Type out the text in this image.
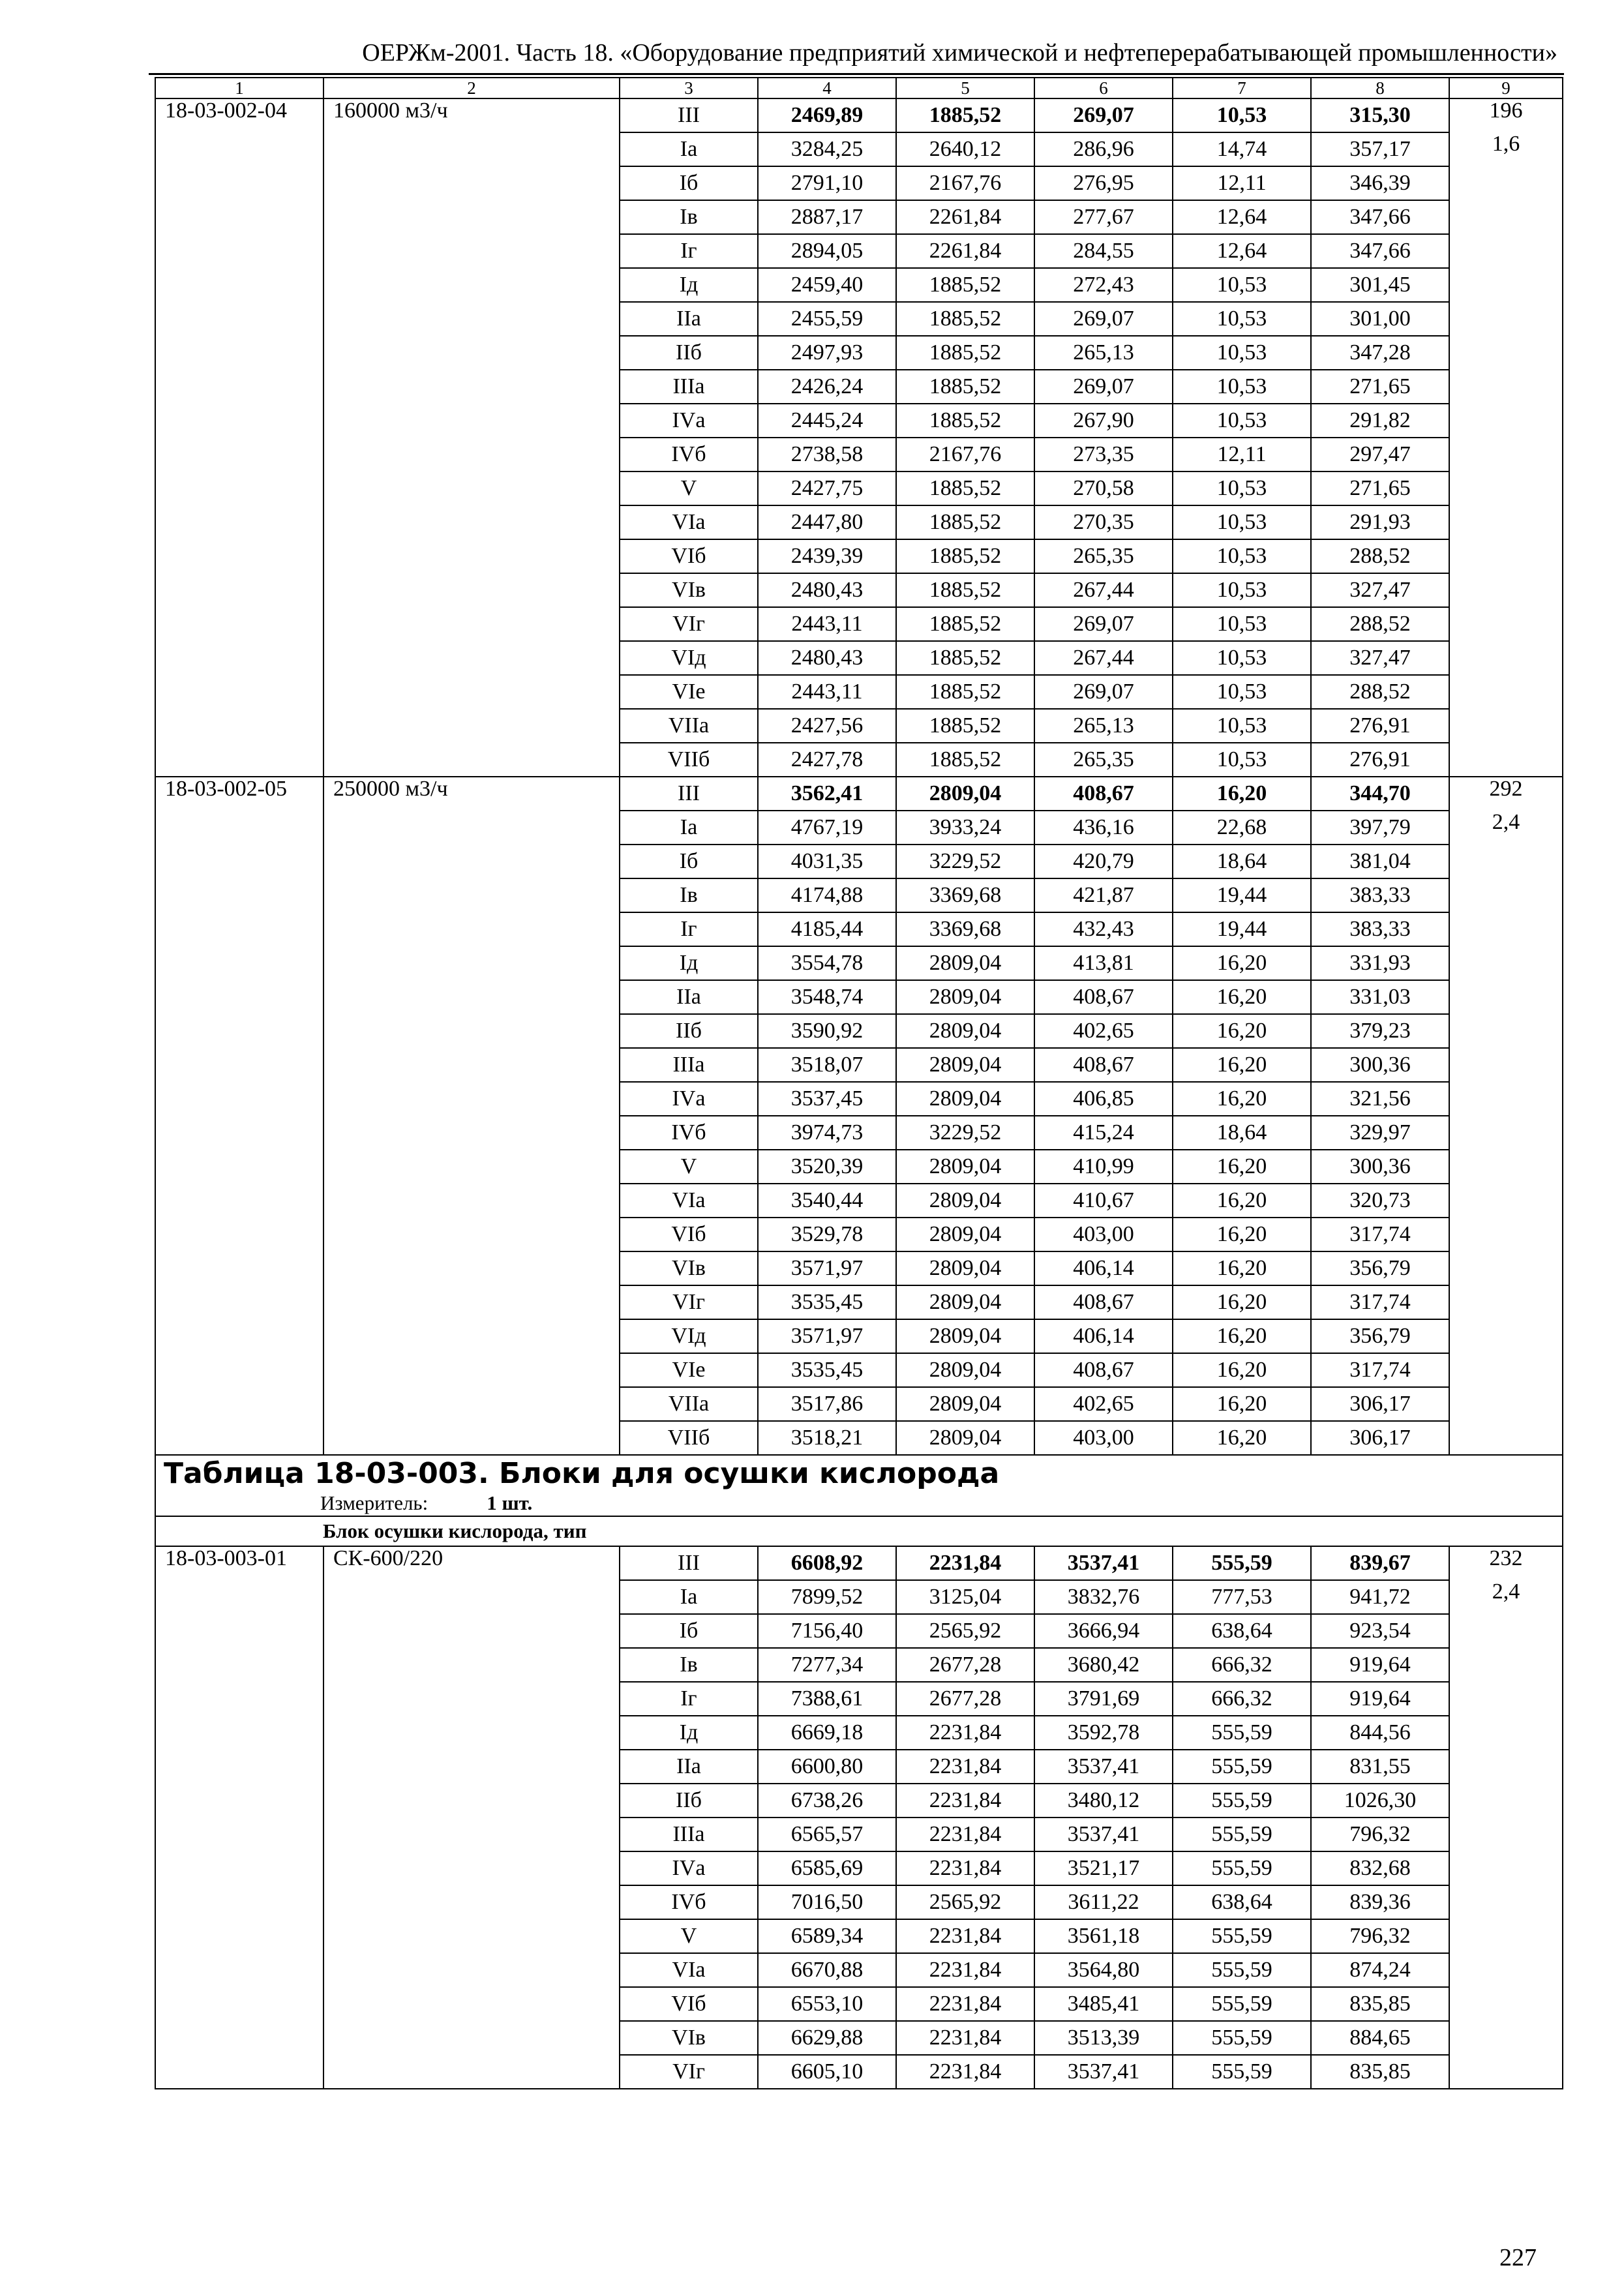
ОЕРЖм-2001. Часть 18. «Оборудование предприятий химической и нефтеперерабатывающей промышленности»
1	2	3	4	5	6	7	8	9
18-03-002-04	160000 м3/ч	III	2469,89	1885,52	269,07	10,53	315,30	196
		Iа	3284,25	2640,12	286,96	14,74	357,17	1,6
		Iб	2791,10	2167,76	276,95	12,11	346,39	
		Iв	2887,17	2261,84	277,67	12,64	347,66	
		Iг	2894,05	2261,84	284,55	12,64	347,66	
		Iд	2459,40	1885,52	272,43	10,53	301,45	
		IIа	2455,59	1885,52	269,07	10,53	301,00	
		IIб	2497,93	1885,52	265,13	10,53	347,28	
		IIIа	2426,24	1885,52	269,07	10,53	271,65	
		IVа	2445,24	1885,52	267,90	10,53	291,82	
		IVб	2738,58	2167,76	273,35	12,11	297,47	
		V	2427,75	1885,52	270,58	10,53	271,65	
		VIа	2447,80	1885,52	270,35	10,53	291,93	
		VIб	2439,39	1885,52	265,35	10,53	288,52	
		VIв	2480,43	1885,52	267,44	10,53	327,47	
		VIг	2443,11	1885,52	269,07	10,53	288,52	
		VIд	2480,43	1885,52	267,44	10,53	327,47	
		VIе	2443,11	1885,52	269,07	10,53	288,52	
		VIIа	2427,56	1885,52	265,13	10,53	276,91	
		VIIб	2427,78	1885,52	265,35	10,53	276,91	
18-03-002-05	250000 м3/ч	III	3562,41	2809,04	408,67	16,20	344,70	292
		Iа	4767,19	3933,24	436,16	22,68	397,79	2,4
		Iб	4031,35	3229,52	420,79	18,64	381,04	
		Iв	4174,88	3369,68	421,87	19,44	383,33	
		Iг	4185,44	3369,68	432,43	19,44	383,33	
		Iд	3554,78	2809,04	413,81	16,20	331,93	
		IIа	3548,74	2809,04	408,67	16,20	331,03	
		IIб	3590,92	2809,04	402,65	16,20	379,23	
		IIIа	3518,07	2809,04	408,67	16,20	300,36	
		IVа	3537,45	2809,04	406,85	16,20	321,56	
		IVб	3974,73	3229,52	415,24	18,64	329,97	
		V	3520,39	2809,04	410,99	16,20	300,36	
		VIа	3540,44	2809,04	410,67	16,20	320,73	
		VIб	3529,78	2809,04	403,00	16,20	317,74	
		VIв	3571,97	2809,04	406,14	16,20	356,79	
		VIг	3535,45	2809,04	408,67	16,20	317,74	
		VIд	3571,97	2809,04	406,14	16,20	356,79	
		VIе	3535,45	2809,04	408,67	16,20	317,74	
		VIIа	3517,86	2809,04	402,65	16,20	306,17	
		VIIб	3518,21	2809,04	403,00	16,20	306,17	

Таблица 18-03-003. Блоки для осушки кислорода
Измеритель: 1 шт.								

Блок осушки кислорода, тип								
18-03-003-01	СК-600/220	III	6608,92	2231,84	3537,41	555,59	839,67	232
		Iа	7899,52	3125,04	3832,76	777,53	941,72	2,4
		Iб	7156,40	2565,92	3666,94	638,64	923,54	
		Iв	7277,34	2677,28	3680,42	666,32	919,64	
		Iг	7388,61	2677,28	3791,69	666,32	919,64	
		Iд	6669,18	2231,84	3592,78	555,59	844,56	
		IIа	6600,80	2231,84	3537,41	555,59	831,55	
		IIб	6738,26	2231,84	3480,12	555,59	1026,30	
		IIIа	6565,57	2231,84	3537,41	555,59	796,32	
		IVа	6585,69	2231,84	3521,17	555,59	832,68	
		IVб	7016,50	2565,92	3611,22	638,64	839,36	
		V	6589,34	2231,84	3561,18	555,59	796,32	
		VIа	6670,88	2231,84	3564,80	555,59	874,24	
		VIб	6553,10	2231,84	3485,41	555,59	835,85	
		VIв	6629,88	2231,84	3513,39	555,59	884,65	
		VIг	6605,10	2231,84	3537,41	555,59	835,85	
227
